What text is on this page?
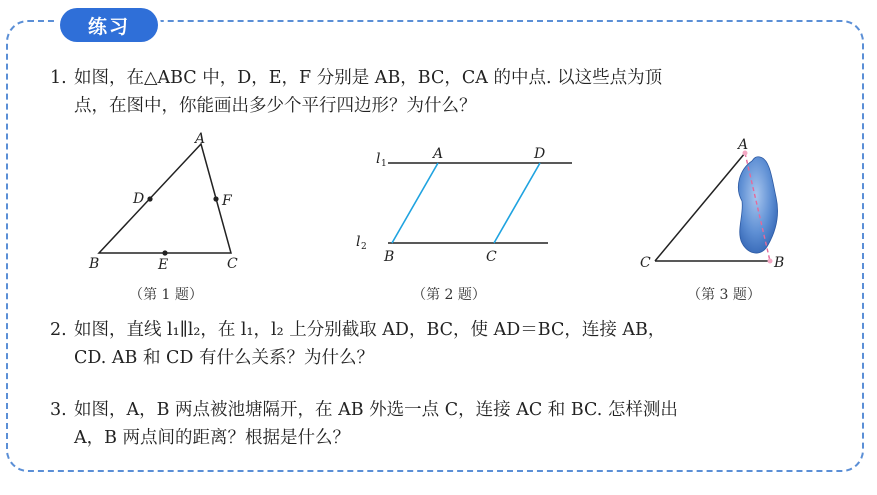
练习
1. 如图，在△ABC 中，D，E，F 分别是 AB，BC，CA 的中点. 以这些点为顶
点，在图中，你能画出多少个平行四边形？为什么？
A
B	C
D
E
F
（第 1 题）
l 1
l 2
A	D
B	C
（第 2 题）
A
B
C
（第 3 题）
2. 如图，直线 l₁∥l₂，在 l₁，l₂ 上分别截取 AD，BC，使 AD＝BC，连接 AB，
CD. AB 和 CD 有什么关系？为什么？
3. 如图，A，B 两点被池塘隔开，在 AB 外选一点 C，连接 AC 和 BC. 怎样测出
A，B 两点间的距离？根据是什么？
